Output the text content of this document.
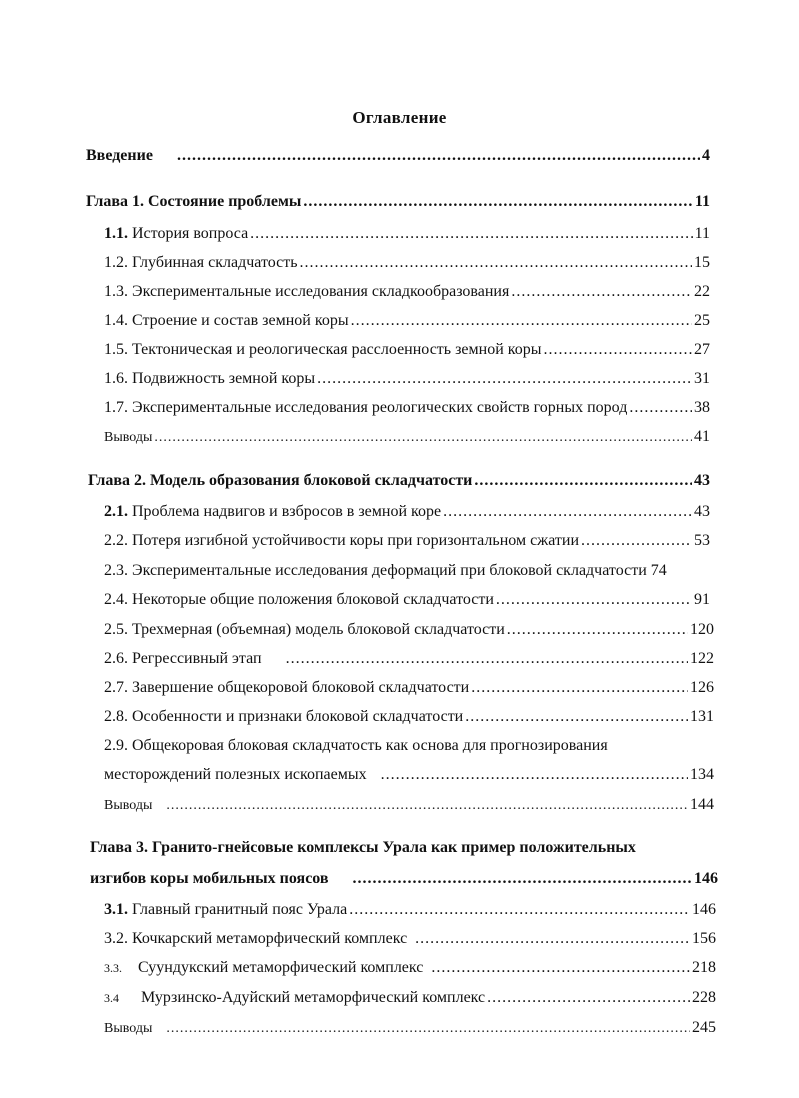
Оглавление
Введение .....	4
Глава 1. Состояние проблемы .....	11
1.1. История вопроса .....	11
1.2. Глубинная складчатость .....	15
1.3. Экспериментальные исследования складкообразования .....	22
1.4. Строение и состав земной коры .....	25
1.5. Тектоническая и реологическая расслоенность земной коры .....	27
1.6. Подвижность земной коры .....	31
1.7. Экспериментальные исследования реологических свойств горных пород .....	38
Выводы .....	41
Глава 2. Модель образования блоковой складчатости .....	43
2.1. Проблема надвигов и взбросов в земной коре .....	43
2.2. Потеря изгибной устойчивости коры при горизонтальном сжатии .....	53
2.3. Экспериментальные исследования деформаций при блоковой складчатости 74
2.4. Некоторые общие положения блоковой складчатости .....	91
2.5. Трехмерная (объемная) модель блоковой складчатости .....	120
2.6. Регрессивный этап .....	122
2.7. Завершение общекоровой блоковой складчатости .....	126
2.8. Особенности и признаки блоковой складчатости .....	131
2.9. Общекоровая блоковая складчатость как основа для прогнозирования
месторождений полезных ископаемых .....	134
Выводы .....	144
Глава 3. Гранито-гнейсовые комплексы Урала как пример положительных
изгибов коры мобильных поясов .....	146
3.1. Главный гранитный пояс Урала .....	146
3.2. Кочкарский метаморфический комплекс .....	156
3.3. Суундукский метаморфический комплекс .....	218
3.4 Мурзинско-Адуйский метаморфический комплекс .....	228
Выводы .....	245
